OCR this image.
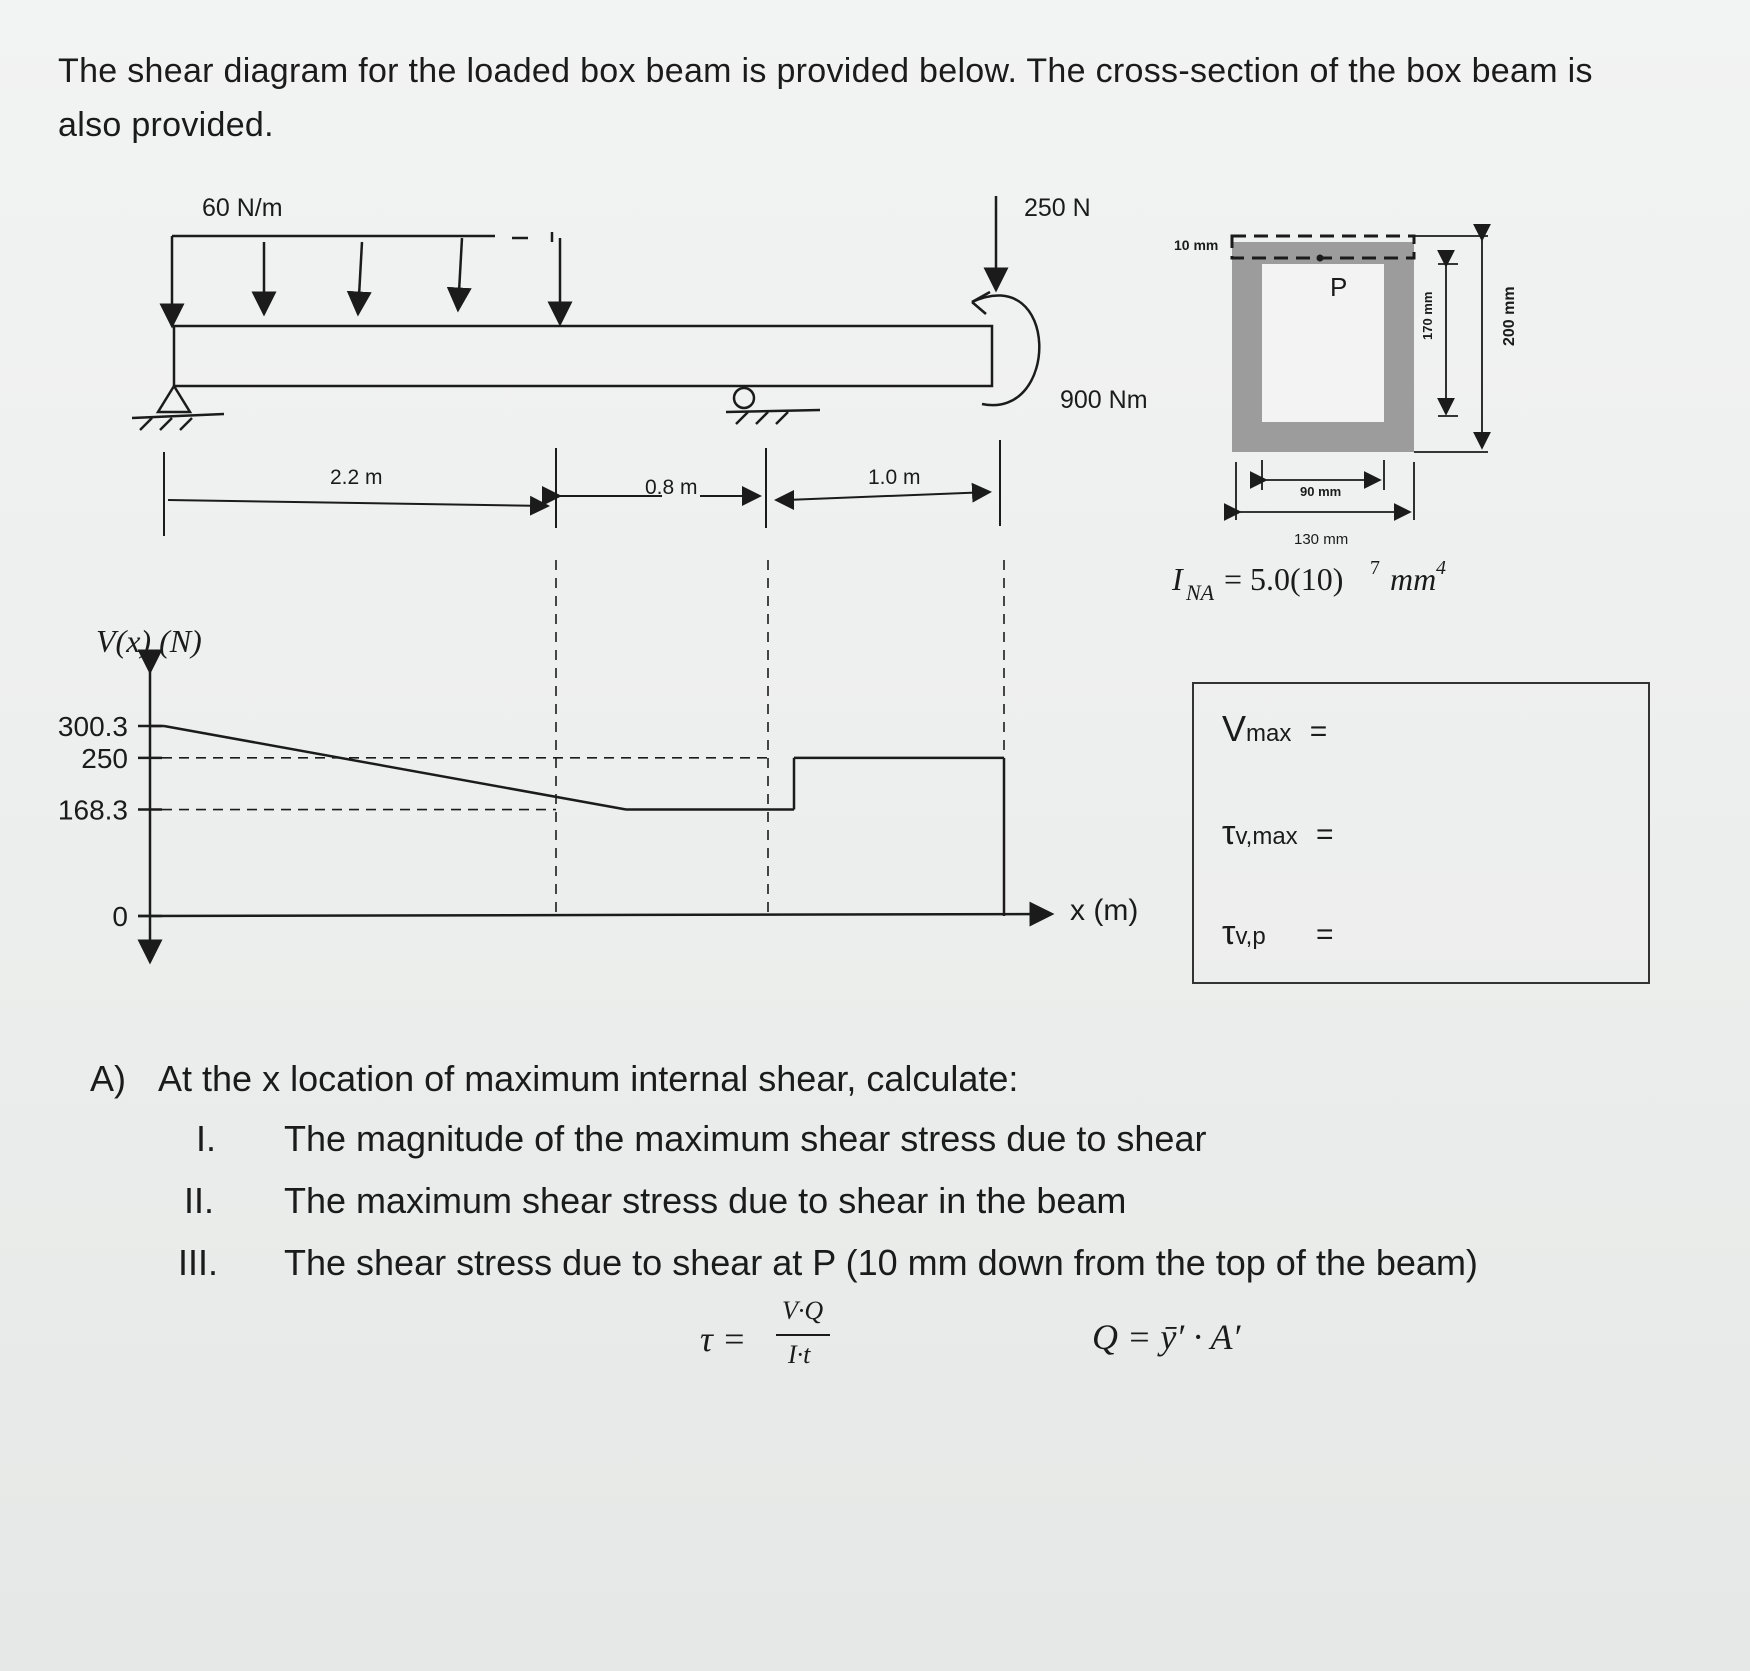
The shear diagram for the loaded box beam is provided below. The cross-section of the box beam is also provided.
60 N/m	250 N
900 Nm
2.2 m	0.8 m	1.0 m
300.3
250
168.3
0
V(x) (N)
x (m)
10 mm
P
170 mm	200 mm
90 mm
130 mm
I NA = 5.0(10) 7 mm 4
Vmax =
τv,max =
τv,p =
A) At the x location of maximum internal shear, calculate:
I. The magnitude of the maximum shear stress due to shear
II. The maximum shear stress due to shear in the beam
III. The shear stress due to shear at P (10 mm down from the top of the beam)
τ =
V·Q
I·t	Q = ȳ′ · A′
